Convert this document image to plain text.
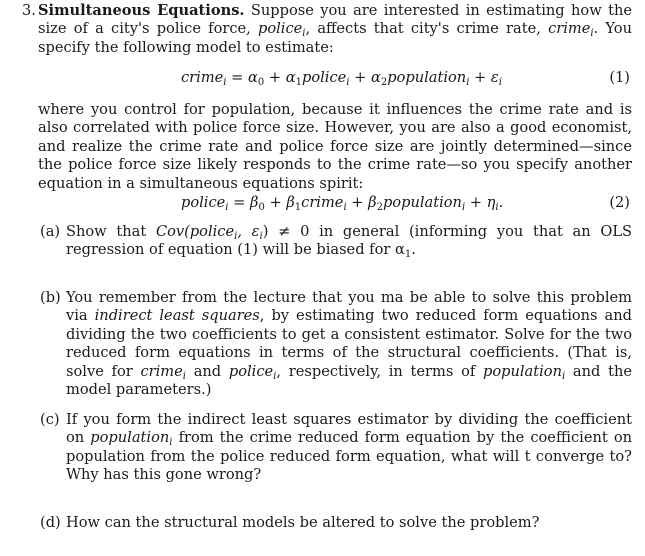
3. Simultaneous Equations. Suppose you are interested in estimating how the size of a city's police force, police$_i$, affects that city's crime rate, crime$_i$. You specify the following model to estimate:
crime$_i$ = $\alpha_0$ + $\alpha_1police_i$ + $\alpha_2population_i + \varepsilon_i$	(1)
where you control for population, because it influences the crime rate and is also correlated with police force size. However, you are also a good economist, and realize the crime rate and police force size are jointly determined—since the police force size likely responds to the crime rate—so you specify another equation in a simultaneous equations spirit:
police$_i$ = $\beta_0$ + $\beta_1crime_i$ + $\beta_2population_i + \eta_i$.	(2)
(a) Show that Cov(police$_i$, $\varepsilon_i) \ne 0$ in general (informing you that an OLS regression of equation (1) will be biased for $\alpha_1$.
(b) You remember from the lecture that you ma be able to solve this problem via indirect least squares, by estimating two reduced form equations and dividing the two coefficients to get a consistent estimator. Solve for the two reduced form equations in terms of the structural coefficients. (That is, solve for crime$_i$ and police$_i$, respectively, in terms of population$_i$ and the model parameters.)
(c) If you form the indirect least squares estimator by dividing the coefficient on population$_i$ from the crime reduced form equation by the coefficient on population from the police reduced form equation, what will t converge to? Why has this gone wrong?
(d) How can the structural models be altered to solve the problem?
